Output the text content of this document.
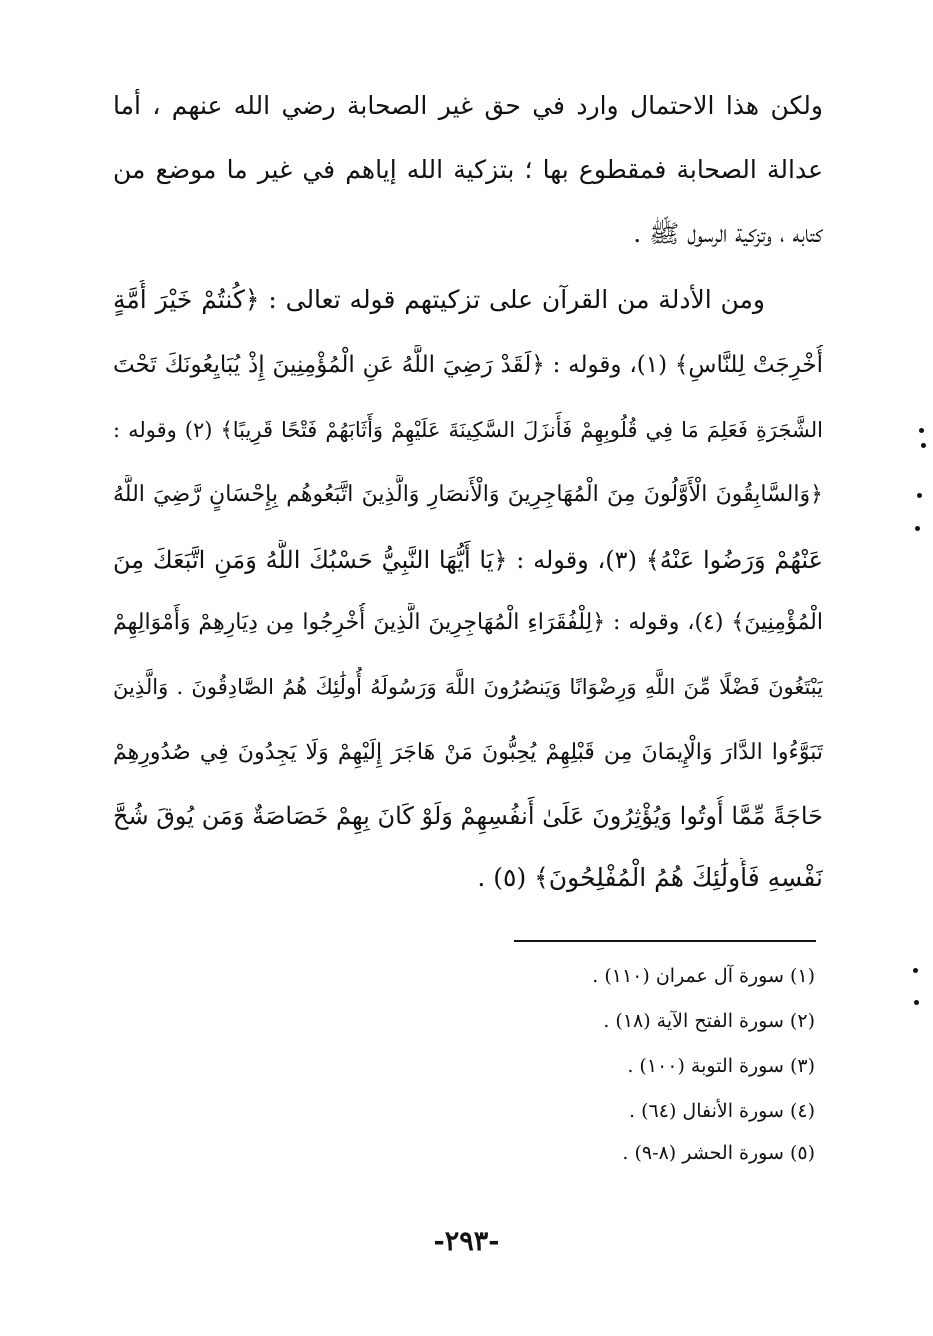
ولكن هذا الاحتمال وارد في حق غير الصحابة رضي الله عنهم ، أما
عدالة الصحابة فمقطوع بها ؛ بتزكية الله إياهم في غير ما موضع من
كتابه ، وتزكية الرسول ﷺ .
ومن الأدلة من القرآن على تزكيتهم قوله تعالى : ﴿كُنتُمْ خَيْرَ أُمَّةٍ
أُخْرِجَتْ لِلنَّاسِ﴾ (١)، وقوله : ﴿لَقَدْ رَضِيَ اللَّهُ عَنِ الْمُؤْمِنِينَ إِذْ يُبَايِعُونَكَ تَحْتَ
الشَّجَرَةِ فَعَلِمَ مَا فِي قُلُوبِهِمْ فَأَنزَلَ السَّكِينَةَ عَلَيْهِمْ وَأَثَابَهُمْ فَتْحًا قَرِيبًا﴾ (٢) وقوله :
﴿وَالسَّابِقُونَ الْأَوَّلُونَ مِنَ الْمُهَاجِرِينَ وَالْأَنصَارِ وَالَّذِينَ اتَّبَعُوهُم بِإِحْسَانٍ رَّضِيَ اللَّهُ
عَنْهُمْ وَرَضُوا عَنْهُ﴾ (٣)، وقوله : ﴿يَا أَيُّهَا النَّبِيُّ حَسْبُكَ اللَّهُ وَمَنِ اتَّبَعَكَ مِنَ
الْمُؤْمِنِينَ﴾ (٤)، وقوله : ﴿لِلْفُقَرَاءِ الْمُهَاجِرِينَ الَّذِينَ أُخْرِجُوا مِن دِيَارِهِمْ وَأَمْوَالِهِمْ
يَبْتَغُونَ فَضْلًا مِّنَ اللَّهِ وَرِضْوَانًا وَيَنصُرُونَ اللَّهَ وَرَسُولَهُ أُولَٰئِكَ هُمُ الصَّادِقُونَ . وَالَّذِينَ
تَبَوَّءُوا الدَّارَ وَالْإِيمَانَ مِن قَبْلِهِمْ يُحِبُّونَ مَنْ هَاجَرَ إِلَيْهِمْ وَلَا يَجِدُونَ فِي صُدُورِهِمْ
حَاجَةً مِّمَّا أُوتُوا وَيُؤْثِرُونَ عَلَىٰ أَنفُسِهِمْ وَلَوْ كَانَ بِهِمْ خَصَاصَةٌ وَمَن يُوقَ شُحَّ
نَفْسِهِ فَأُولَٰئِكَ هُمُ الْمُفْلِحُونَ﴾ (٥) .
(١) سورة آل عمران (١١٠) .
(٢) سورة الفتح الآية (١٨) .
(٣) سورة التوبة (١٠٠) .
(٤) سورة الأنفال (٦٤) .
(٥) سورة الحشر (٨-٩) .
-٢٩٣-
